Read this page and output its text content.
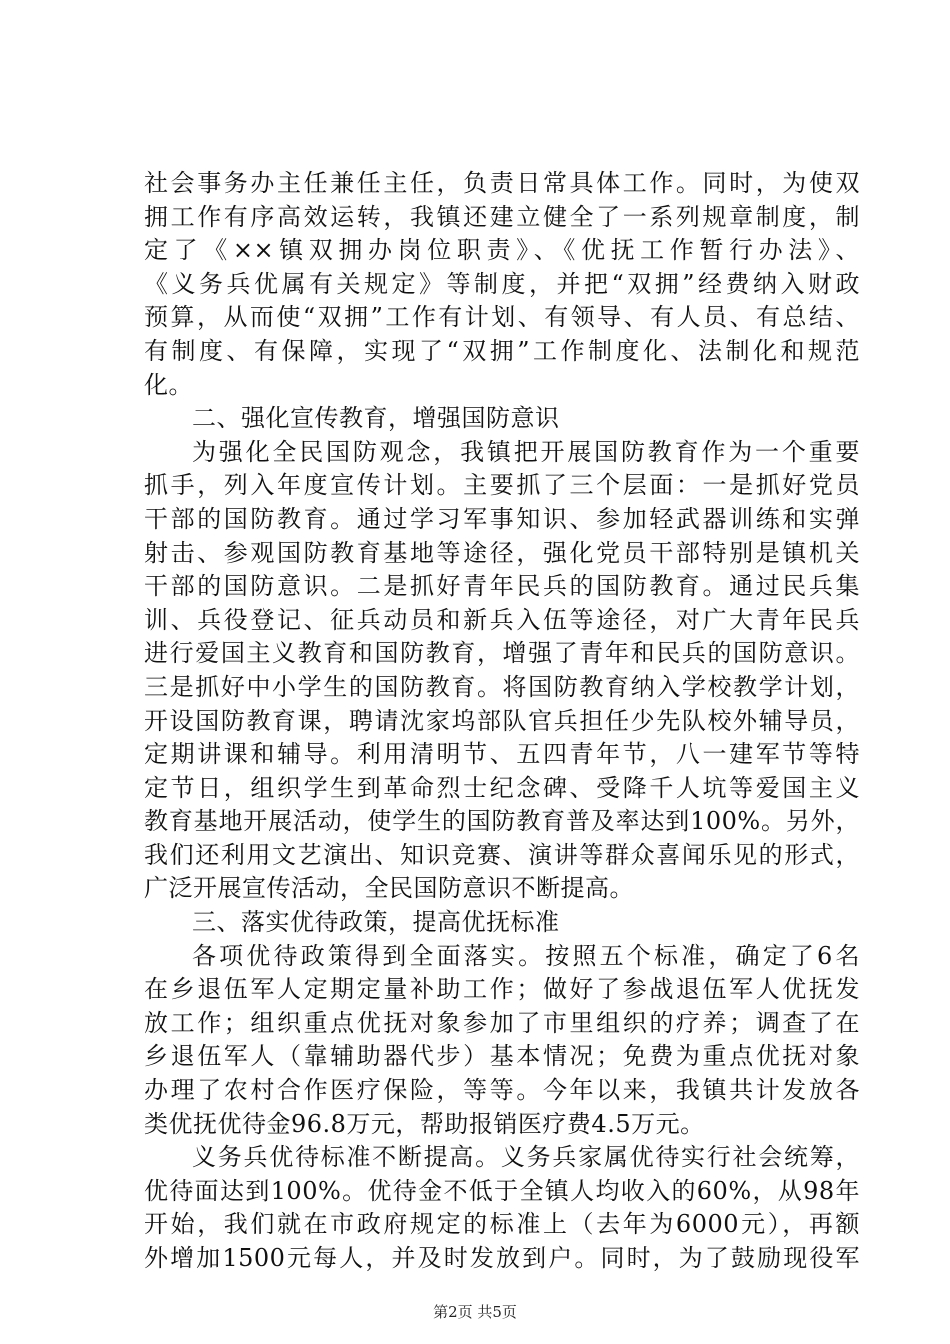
社会事务办主任兼任主任，负责日常具体工作。同时，为使双
拥工作有序高效运转，我镇还建立健全了一系列规章制度，制
定了《××镇双拥办岗位职责》、《优抚工作暂行办法》、
《义务兵优属有关规定》等制度，并把“双拥”经费纳入财政
预算，从而使“双拥”工作有计划、有领导、有人员、有总结、
有制度、有保障，实现了“双拥”工作制度化、法制化和规范
化。
二、强化宣传教育，增强国防意识
为强化全民国防观念，我镇把开展国防教育作为一个重要
抓手，列入年度宣传计划。主要抓了三个层面：一是抓好党员
干部的国防教育。通过学习军事知识、参加轻武器训练和实弹
射击、参观国防教育基地等途径，强化党员干部特别是镇机关
干部的国防意识。二是抓好青年民兵的国防教育。通过民兵集
训、兵役登记、征兵动员和新兵入伍等途径，对广大青年民兵
进行爱国主义教育和国防教育，增强了青年和民兵的国防意识。
三是抓好中小学生的国防教育。将国防教育纳入学校教学计划，
开设国防教育课，聘请沈家坞部队官兵担任少先队校外辅导员，
定期讲课和辅导。利用清明节、五四青年节，八一建军节等特
定节日，组织学生到革命烈士纪念碑、受降千人坑等爱国主义
教育基地开展活动，使学生的国防教育普及率达到100%。另外，
我们还利用文艺演出、知识竞赛、演讲等群众喜闻乐见的形式，
广泛开展宣传活动，全民国防意识不断提高。
三、落实优待政策，提高优抚标准
各项优待政策得到全面落实。按照五个标准，确定了6名
在乡退伍军人定期定量补助工作；做好了参战退伍军人优抚发
放工作；组织重点优抚对象参加了市里组织的疗养；调查了在
乡退伍军人（靠辅助器代步）基本情况；免费为重点优抚对象
办理了农村合作医疗保险，等等。今年以来，我镇共计发放各
类优抚优待金96.8万元，帮助报销医疗费4.5万元。
义务兵优待标准不断提高。义务兵家属优待实行社会统筹，
优待面达到100%。优待金不低于全镇人均收入的60%，从98年
开始，我们就在市政府规定的标准上（去年为6000元），再额
外增加1500元每人，并及时发放到户。同时，为了鼓励现役军
第2页 共5页
